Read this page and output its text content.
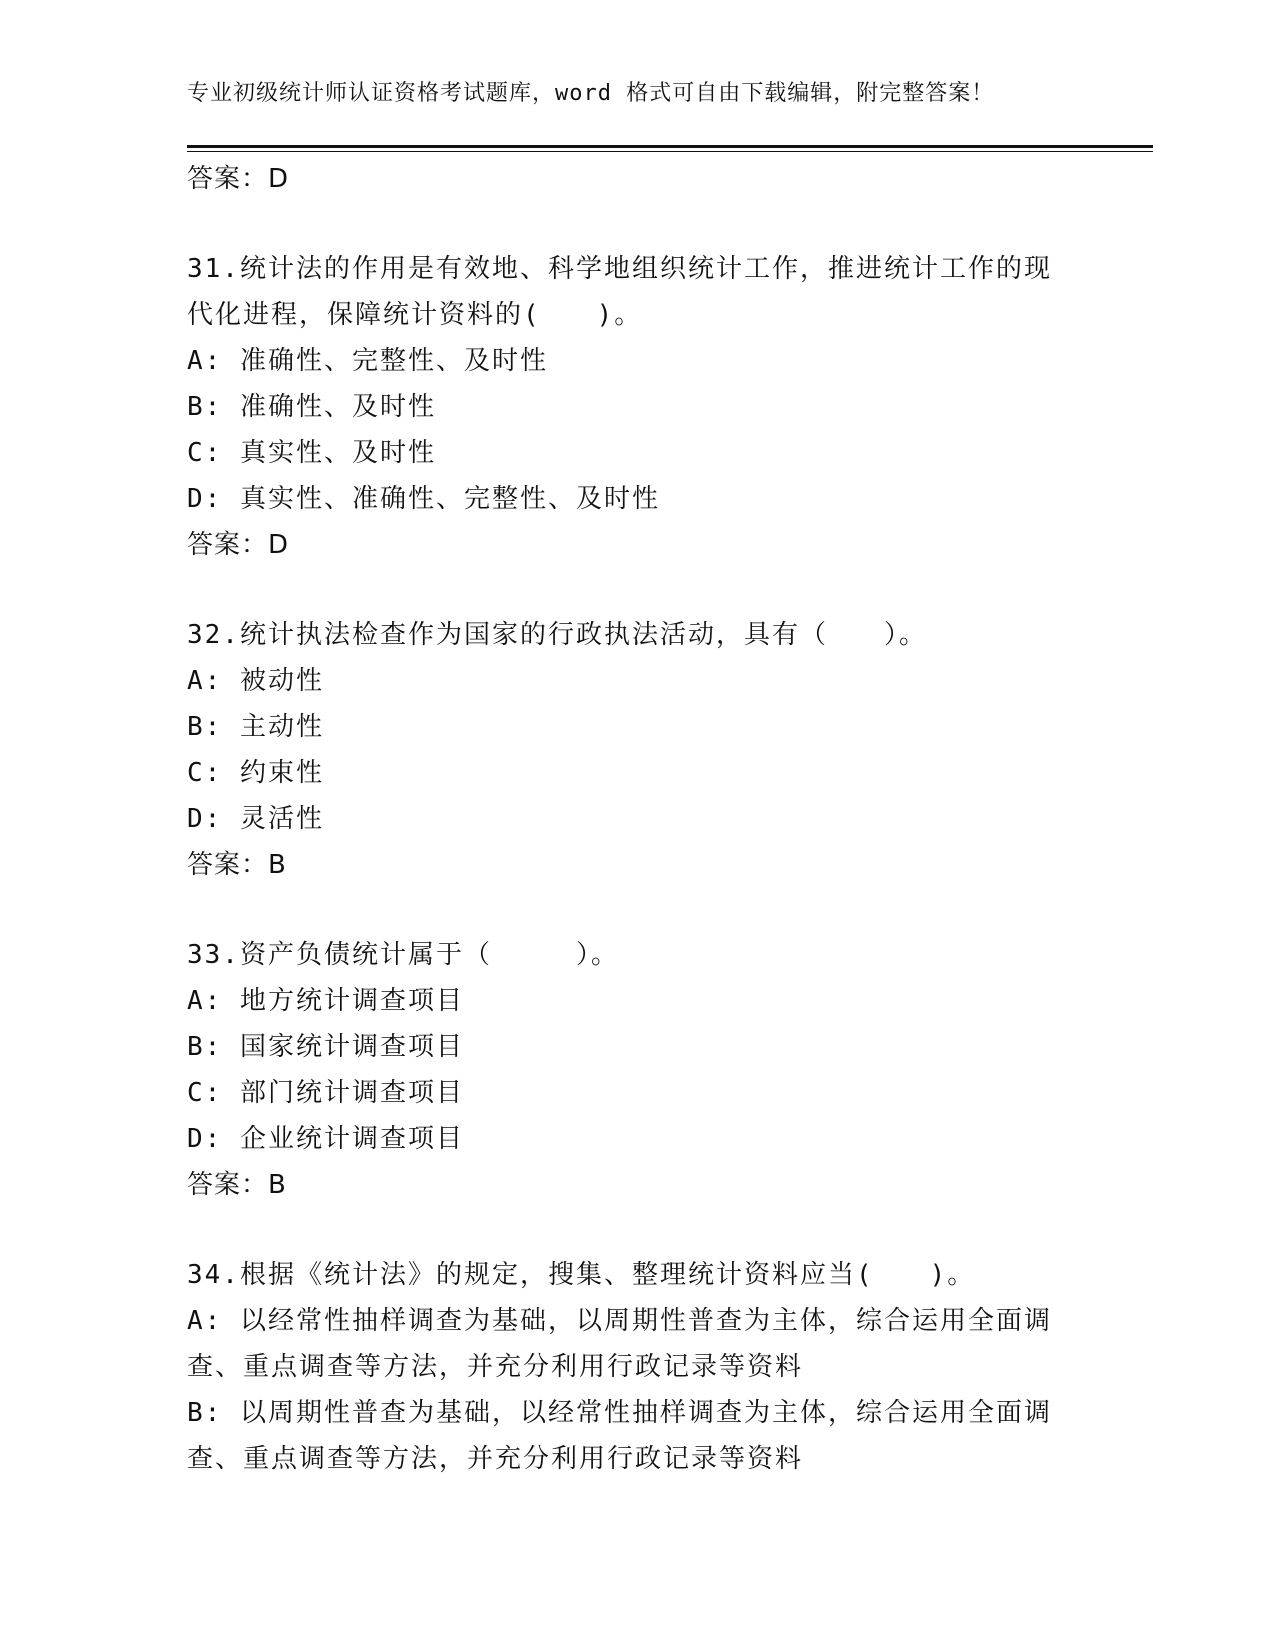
专业初级统计师认证资格考试题库，word 格式可自由下载编辑，附完整答案！
答案：D
31.统计法的作用是有效地、科学地组织统计工作，推进统计工作的现
代化进程，保障统计资料的(　　)。
A: 准确性、完整性、及时性
B: 准确性、及时性
C: 真实性、及时性
D: 真实性、准确性、完整性、及时性
答案：D
32.统计执法检查作为国家的行政执法活动，具有（　　）。
A: 被动性
B: 主动性
C: 约束性
D: 灵活性
答案：B
33.资产负债统计属于（　　　）。
A: 地方统计调查项目
B: 国家统计调查项目
C: 部门统计调查项目
D: 企业统计调查项目
答案：B
34.根据《统计法》的规定，搜集、整理统计资料应当(　　)。
A: 以经常性抽样调查为基础，以周期性普查为主体，综合运用全面调
查、重点调查等方法，并充分利用行政记录等资料
B: 以周期性普查为基础，以经常性抽样调查为主体，综合运用全面调
查、重点调查等方法，并充分利用行政记录等资料
